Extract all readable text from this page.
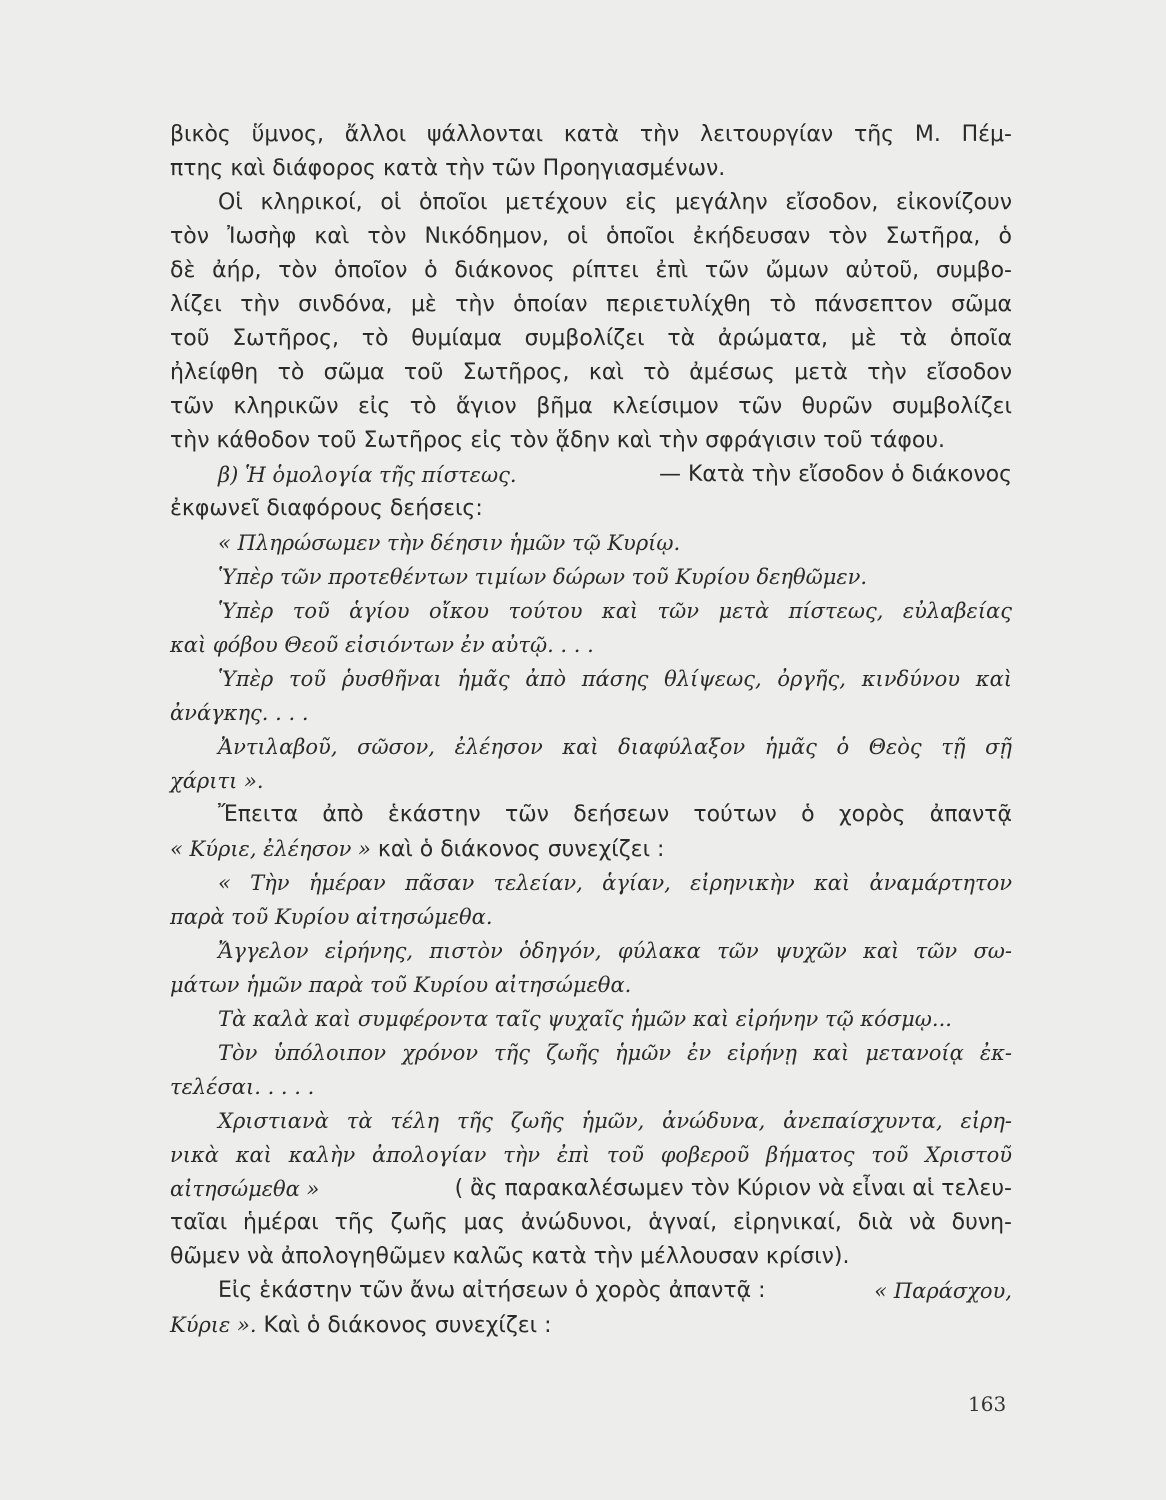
βικὸς ὕμνος, ἄλλοι ψάλλονται κατὰ τὴν λειτουργίαν τῆς Μ. Πέμ-
πτης καὶ διάφορος κατὰ τὴν τῶν Προηγιασμένων.
Οἱ κληρικοί, οἱ ὁποῖοι μετέχουν εἰς μεγάλην εἴσοδον, εἰκονίζουν
τὸν Ἰωσὴφ καὶ τὸν Νικόδημον, οἱ ὁποῖοι ἐκήδευσαν τὸν Σωτῆρα, ὁ
δὲ ἀήρ, τὸν ὁποῖον ὁ διάκονος ρίπτει ἐπὶ τῶν ὤμων αὐτοῦ, συμβο-
λίζει τὴν σινδόνα, μὲ τὴν ὁποίαν περιετυλίχθη τὸ πάνσεπτον σῶμα
τοῦ Σωτῆρος, τὸ θυμίαμα συμβολίζει τὰ ἀρώματα, μὲ τὰ ὁποῖα
ἠλείφθη τὸ σῶμα τοῦ Σωτῆρος, καὶ τὸ ἀμέσως μετὰ τὴν εἴσοδον
τῶν κληρικῶν εἰς τὸ ἅγιον βῆμα κλείσιμον τῶν θυρῶν συμβολίζει
τὴν κάθοδον τοῦ Σωτῆρος εἰς τὸν ᾅδην καὶ τὴν σφράγισιν τοῦ τάφου.
β) Ἡ ὁμολογία τῆς πίστεως.	— Κατὰ τὴν εἴσοδον ὁ διάκονος
ἐκφωνεῖ διαφόρους δεήσεις:
« Πληρώσωμεν τὴν δέησιν ἡμῶν τῷ Κυρίῳ.
Ὑπὲρ τῶν προτεθέντων τιμίων δώρων τοῦ Κυρίου δεηθῶμεν.
Ὑπὲρ τοῦ ἁγίου οἴκου τούτου καὶ τῶν μετὰ πίστεως, εὐλαβείας
καὶ φόβου Θεοῦ εἰσιόντων ἐν αὐτῷ. . . .
Ὑπὲρ τοῦ ῥυσθῆναι ἡμᾶς ἀπὸ πάσης θλίψεως, ὀργῆς, κινδύνου καὶ
ἀνάγκης. . . .
Ἀντιλαβοῦ, σῶσον, ἐλέησον καὶ διαφύλαξον ἡμᾶς ὁ Θεὸς τῇ σῇ
χάριτι ».
Ἔπειτα ἀπὸ ἑκάστην τῶν δεήσεων τούτων ὁ χορὸς ἀπαντᾷ
« Κύριε, ἐλέησον » καὶ ὁ διάκονος συνεχίζει :
« Τὴν ἡμέραν πᾶσαν τελείαν, ἁγίαν, εἰρηνικὴν καὶ ἀναμάρτητον
παρὰ τοῦ Κυρίου αἰτησώμεθα.
Ἄγγελον εἰρήνης, πιστὸν ὁδηγόν, φύλακα τῶν ψυχῶν καὶ τῶν σω-
μάτων ἡμῶν παρὰ τοῦ Κυρίου αἰτησώμεθα.
Τὰ καλὰ καὶ συμφέροντα ταῖς ψυχαῖς ἡμῶν καὶ εἰρήνην τῷ κόσμῳ...
Τὸν ὑπόλοιπον χρόνον τῆς ζωῆς ἡμῶν ἐν εἰρήνῃ καὶ μετανοίᾳ ἐκ-
τελέσαι. . . . .
Χριστιανὰ τὰ τέλη τῆς ζωῆς ἡμῶν, ἀνώδυνα, ἀνεπαίσχυντα, εἰρη-
νικὰ καὶ καλὴν ἀπολογίαν τὴν ἐπὶ τοῦ φοβεροῦ βήματος τοῦ Χριστοῦ
αἰτησώμεθα »	( ἂς παρακαλέσωμεν τὸν Κύριον νὰ εἶναι αἱ τελευ-
ταῖαι ἡμέραι τῆς ζωῆς μας ἀνώδυνοι, ἁγναί, εἰρηνικαί, διὰ νὰ δυνη-
θῶμεν νὰ ἀπολογηθῶμεν καλῶς κατὰ τὴν μέλλουσαν κρίσιν).
Εἰς ἑκάστην τῶν ἄνω αἰτήσεων ὁ χορὸς ἀπαντᾷ :	« Παράσχου,
Κύριε ». Καὶ ὁ διάκονος συνεχίζει :
163
